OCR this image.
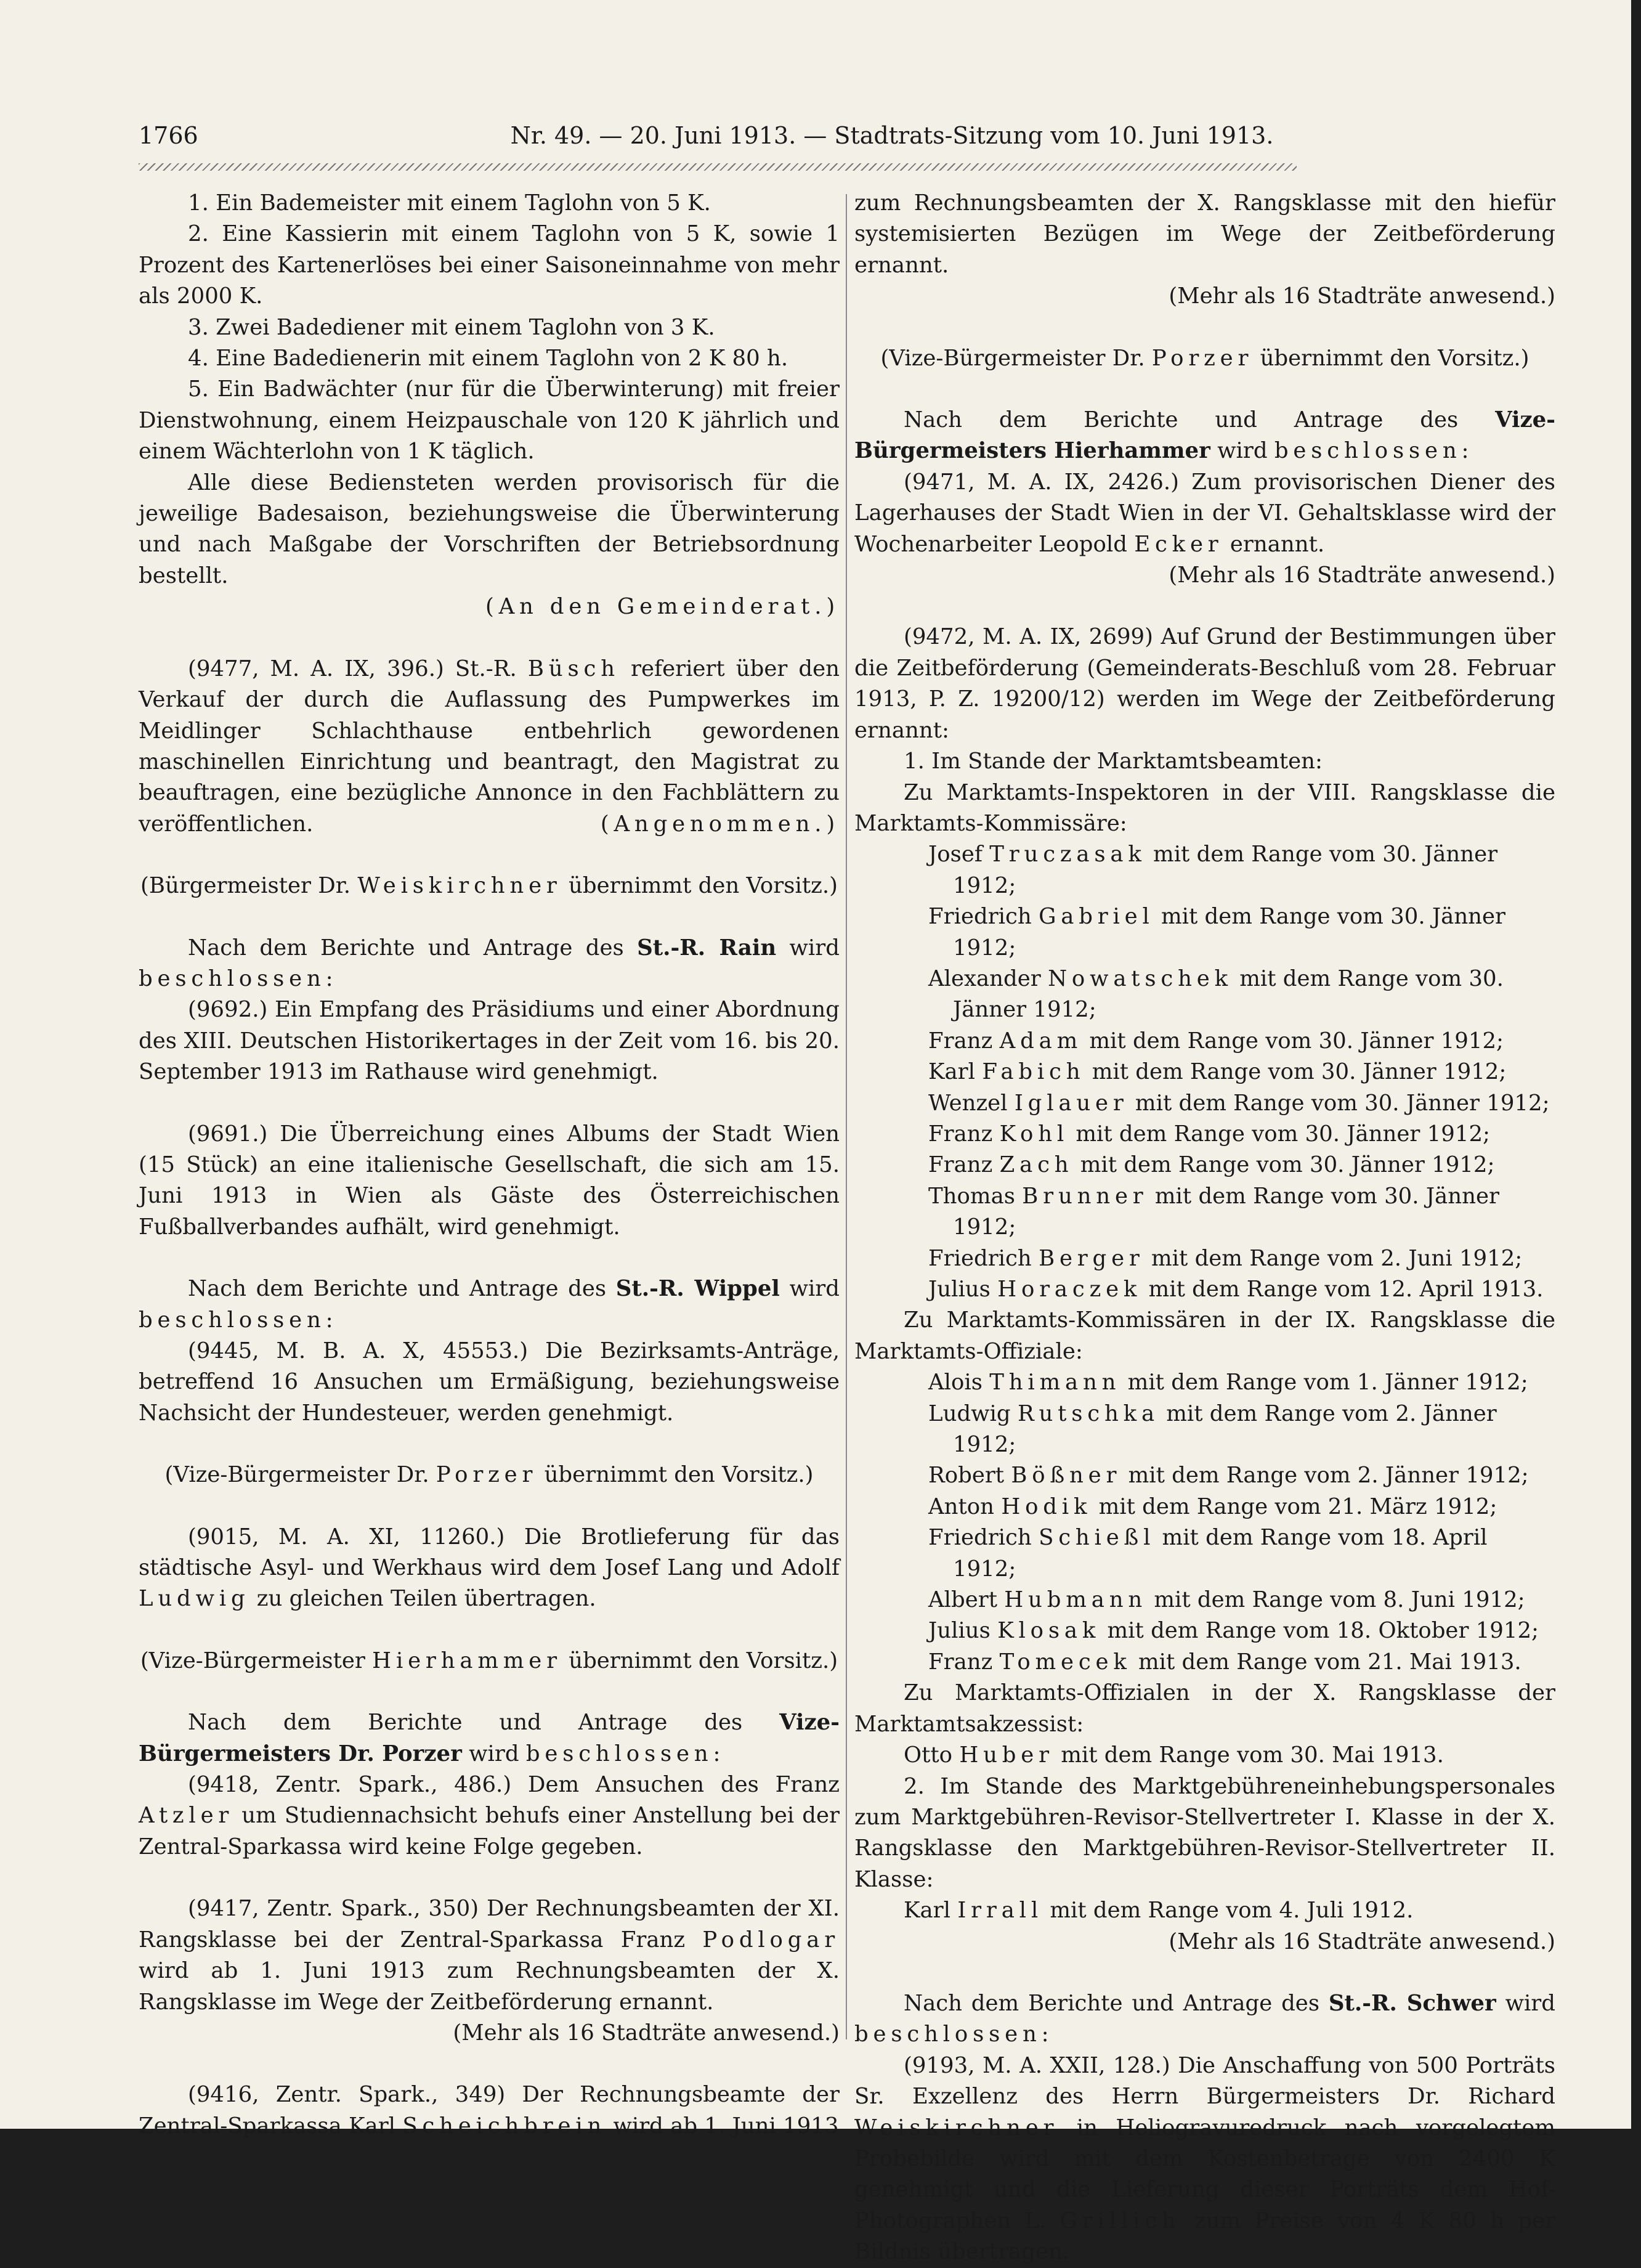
1766	Nr. 49. — 20. Juni 1913. — Stadtrats-Sitzung vom 10. Juni 1913.

1. Ein Bademeister mit einem Taglohn von 5 K.

2. Eine Kassierin mit einem Taglohn von 5 K, sowie 1 Prozent des Kartenerlöses bei einer Saisoneinnahme von mehr als 2000 K.

3. Zwei Badediener mit einem Taglohn von 3 K.

4. Eine Badedienerin mit einem Taglohn von 2 K 80 h.

5. Ein Badwächter (nur für die Überwinterung) mit freier Dienstwohnung, einem Heizpauschale von 120 K jährlich und einem Wächterlohn von 1 K täglich.

Alle diese Bediensteten werden provisorisch für die jeweilige Badesaison, beziehungsweise die Überwinterung und nach Maßgabe der Vorschriften der Betriebsordnung bestellt.

(An den Gemeinderat.)

(9477, M. A. IX, 396.) St.-R. Büsch referiert über den Verkauf der durch die Auflassung des Pumpwerkes im Meidlinger Schlachthause entbehrlich gewordenen maschinellen Einrichtung und beantragt, den Magistrat zu beauftragen, eine bezügliche Annonce in den Fachblättern zu veröffentlichen.	(Angenommen.)

(Bürgermeister Dr. Weiskirchner übernimmt den Vorsitz.)

Nach dem Berichte und Antrage des St.-R. Rain wird beschlossen:

(9692.) Ein Empfang des Präsidiums und einer Abordnung des XIII. Deutschen Historikertages in der Zeit vom 16. bis 20. September 1913 im Rathause wird genehmigt.

(9691.) Die Überreichung eines Albums der Stadt Wien (15 Stück) an eine italienische Gesellschaft, die sich am 15. Juni 1913 in Wien als Gäste des Österreichischen Fußballverbandes aufhält, wird genehmigt.

Nach dem Berichte und Antrage des St.-R. Wippel wird beschlossen:

(9445, M. B. A. X, 45553.) Die Bezirksamts-Anträge, betreffend 16 Ansuchen um Ermäßigung, beziehungsweise Nachsicht der Hundesteuer, werden genehmigt.

(Vize-Bürgermeister Dr. Porzer übernimmt den Vorsitz.)

(9015, M. A. XI, 11260.) Die Brotlieferung für das städtische Asyl- und Werkhaus wird dem Josef Lang und Adolf Ludwig zu gleichen Teilen übertragen.

(Vize-Bürgermeister Hierhammer übernimmt den Vorsitz.)

Nach dem Berichte und Antrage des Vize-Bürgermeisters Dr. Porzer wird beschlossen:

(9418, Zentr. Spark., 486.) Dem Ansuchen des Franz Atzler um Studiennachsicht behufs einer Anstellung bei der Zentral-Sparkassa wird keine Folge gegeben.

(9417, Zentr. Spark., 350) Der Rechnungsbeamten der XI. Rangsklasse bei der Zentral-Sparkassa Franz Podlogar wird ab 1. Juni 1913 zum Rechnungsbeamten der X. Rangsklasse im Wege der Zeitbeförderung ernannt.

(Mehr als 16 Stadträte anwesend.)

(9416, Zentr. Spark., 349) Der Rechnungsbeamte der Zentral-Sparkassa Karl Scheichbrein wird ab 1. Juni 1913

zum Rechnungsbeamten der X. Rangsklasse mit den hiefür systemisierten Bezügen im Wege der Zeitbeförderung ernannt.

(Mehr als 16 Stadträte anwesend.)

(Vize-Bürgermeister Dr. Porzer übernimmt den Vorsitz.)

Nach dem Berichte und Antrage des Vize-Bürgermeisters Hierhammer wird beschlossen:

(9471, M. A. IX, 2426.) Zum provisorischen Diener des Lagerhauses der Stadt Wien in der VI. Gehaltsklasse wird der Wochenarbeiter Leopold Ecker ernannt.

(Mehr als 16 Stadträte anwesend.)

(9472, M. A. IX, 2699) Auf Grund der Bestimmungen über die Zeitbeförderung (Gemeinderats-Beschluß vom 28. Februar 1913, P. Z. 19200/12) werden im Wege der Zeitbeförderung ernannt:

1. Im Stande der Marktamtsbeamten:

Zu Marktamts-Inspektoren in der VIII. Rangsklasse die Marktamts-Kommissäre:

Josef Truczasak mit dem Range vom 30. Jänner 1912;

Friedrich Gabriel mit dem Range vom 30. Jänner 1912;

Alexander Nowatschek mit dem Range vom 30. Jänner 1912;

Franz Adam mit dem Range vom 30. Jänner 1912;

Karl Fabich mit dem Range vom 30. Jänner 1912;

Wenzel Iglauer mit dem Range vom 30. Jänner 1912;

Franz Kohl mit dem Range vom 30. Jänner 1912;

Franz Zach mit dem Range vom 30. Jänner 1912;

Thomas Brunner mit dem Range vom 30. Jänner 1912;

Friedrich Berger mit dem Range vom 2. Juni 1912;

Julius Horaczek mit dem Range vom 12. April 1913.

Zu Marktamts-Kommissären in der IX. Rangsklasse die Marktamts-Offiziale:

Alois Thimann mit dem Range vom 1. Jänner 1912;

Ludwig Rutschka mit dem Range vom 2. Jänner 1912;

Robert Bößner mit dem Range vom 2. Jänner 1912;

Anton Hodik mit dem Range vom 21. März 1912;

Friedrich Schießl mit dem Range vom 18. April 1912;

Albert Hubmann mit dem Range vom 8. Juni 1912;

Julius Klosak mit dem Range vom 18. Oktober 1912;

Franz Tomecek mit dem Range vom 21. Mai 1913.

Zu Marktamts-Offizialen in der X. Rangsklasse der Marktamtsakzessist:

Otto Huber mit dem Range vom 30. Mai 1913.

2. Im Stande des Marktgebühreneinhebungspersonales zum Marktgebühren-Revisor-Stellvertreter I. Klasse in der X. Rangsklasse den Marktgebühren-Revisor-Stellvertreter II. Klasse:

Karl Irrall mit dem Range vom 4. Juli 1912.

(Mehr als 16 Stadträte anwesend.)

Nach dem Berichte und Antrage des St.-R. Schwer wird beschlossen:

(9193, M. A. XXII, 128.) Die Anschaffung von 500 Porträts Sr. Exzellenz des Herrn Bürgermeisters Dr. Richard Weiskirchner in Heliogravuredruck nach vorgelegtem Probebilde wird mit dem Kostenbetrage von 2400 K genehmigt und die Lieferung dieser Porträts dem Hof-Photographen L. Grillich zum Preise von 4 K 80 h per Bildnis übertragen.
